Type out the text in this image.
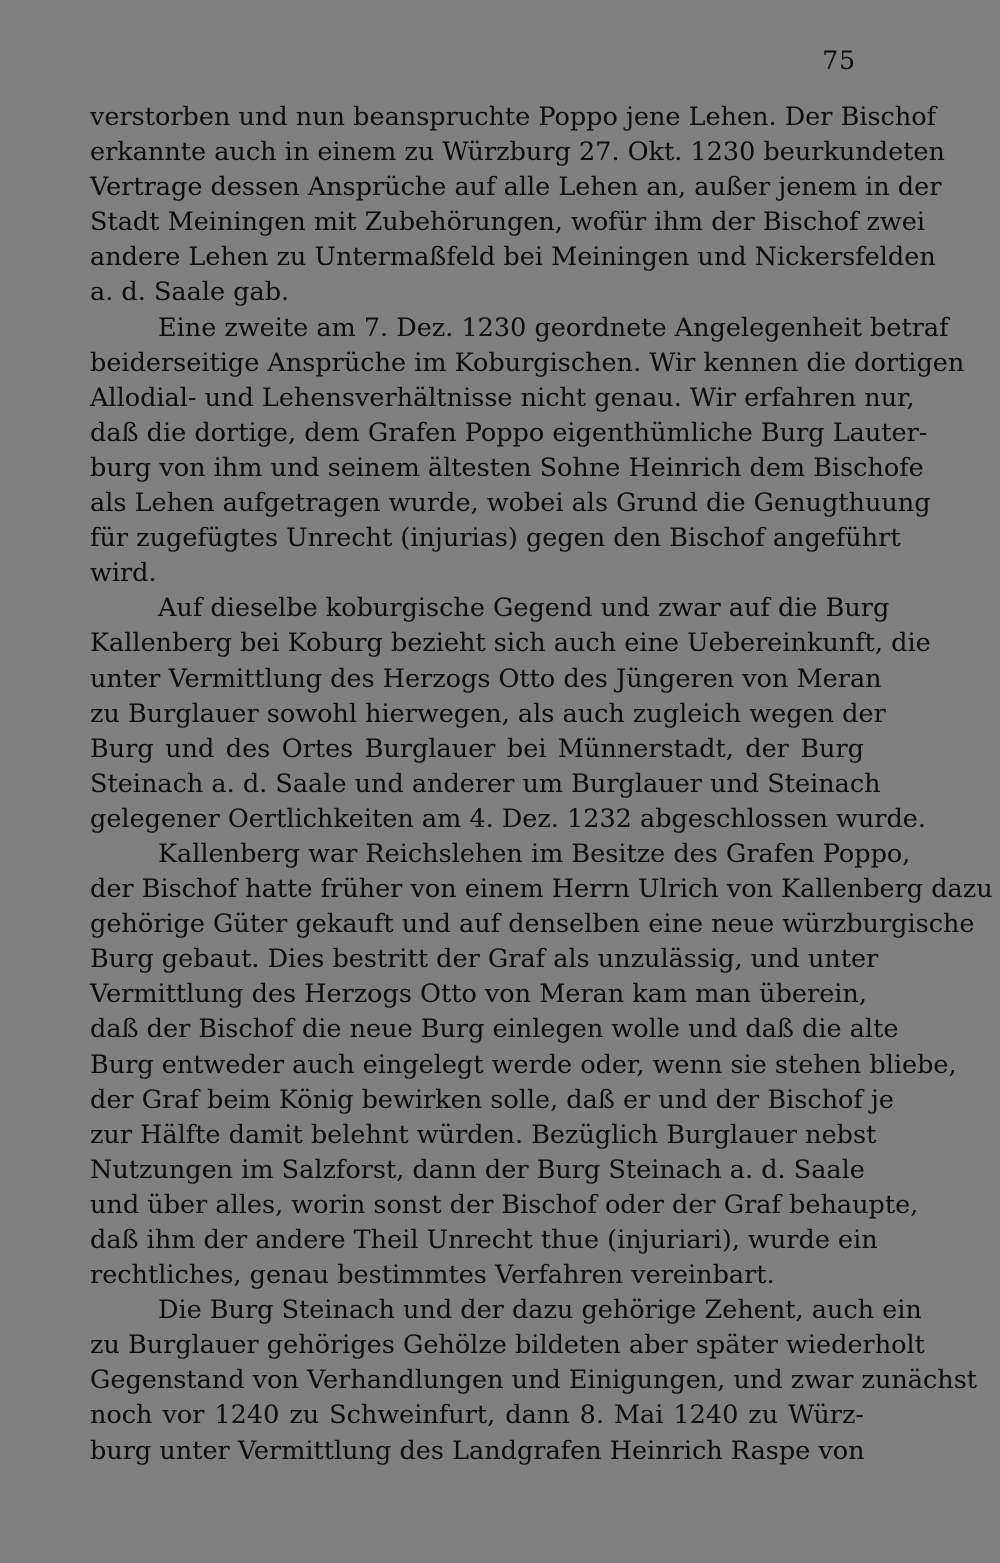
75
verstorben und nun beanspruchte Poppo jene Lehen. Der Bischof
erkannte auch in einem zu Würzburg 27. Okt. 1230 beurkundeten
Vertrage dessen Ansprüche auf alle Lehen an, außer jenem in der
Stadt Meiningen mit Zubehörungen, wofür ihm der Bischof zwei
andere Lehen zu Untermaßfeld bei Meiningen und Nickersfelden
a. d. Saale gab.
Eine zweite am 7. Dez. 1230 geordnete Angelegenheit betraf
beiderseitige Ansprüche im Koburgischen. Wir kennen die dortigen
Allodial- und Lehensverhältnisse nicht genau. Wir erfahren nur,
daß die dortige, dem Grafen Poppo eigenthümliche Burg Lauter-
burg von ihm und seinem ältesten Sohne Heinrich dem Bischofe
als Lehen aufgetragen wurde, wobei als Grund die Genugthuung
für zugefügtes Unrecht (injurias) gegen den Bischof angeführt
wird.
Auf dieselbe koburgische Gegend und zwar auf die Burg
Kallenberg bei Koburg bezieht sich auch eine Uebereinkunft, die
unter Vermittlung des Herzogs Otto des Jüngeren von Meran
zu Burglauer sowohl hierwegen, als auch zugleich wegen der
Burg und des Ortes Burglauer bei Münnerstadt, der Burg
Steinach a. d. Saale und anderer um Burglauer und Steinach
gelegener Oertlichkeiten am 4. Dez. 1232 abgeschlossen wurde.
Kallenberg war Reichslehen im Besitze des Grafen Poppo,
der Bischof hatte früher von einem Herrn Ulrich von Kallenberg dazu
gehörige Güter gekauft und auf denselben eine neue würzburgische
Burg gebaut. Dies bestritt der Graf als unzulässig, und unter
Vermittlung des Herzogs Otto von Meran kam man überein,
daß der Bischof die neue Burg einlegen wolle und daß die alte
Burg entweder auch eingelegt werde oder, wenn sie stehen bliebe,
der Graf beim König bewirken solle, daß er und der Bischof je
zur Hälfte damit belehnt würden. Bezüglich Burglauer nebst
Nutzungen im Salzforst, dann der Burg Steinach a. d. Saale
und über alles, worin sonst der Bischof oder der Graf behaupte,
daß ihm der andere Theil Unrecht thue (injuriari), wurde ein
rechtliches, genau bestimmtes Verfahren vereinbart.
Die Burg Steinach und der dazu gehörige Zehent, auch ein
zu Burglauer gehöriges Gehölze bildeten aber später wiederholt
Gegenstand von Verhandlungen und Einigungen, und zwar zunächst
noch vor 1240 zu Schweinfurt, dann 8. Mai 1240 zu Würz-
burg unter Vermittlung des Landgrafen Heinrich Raspe von
